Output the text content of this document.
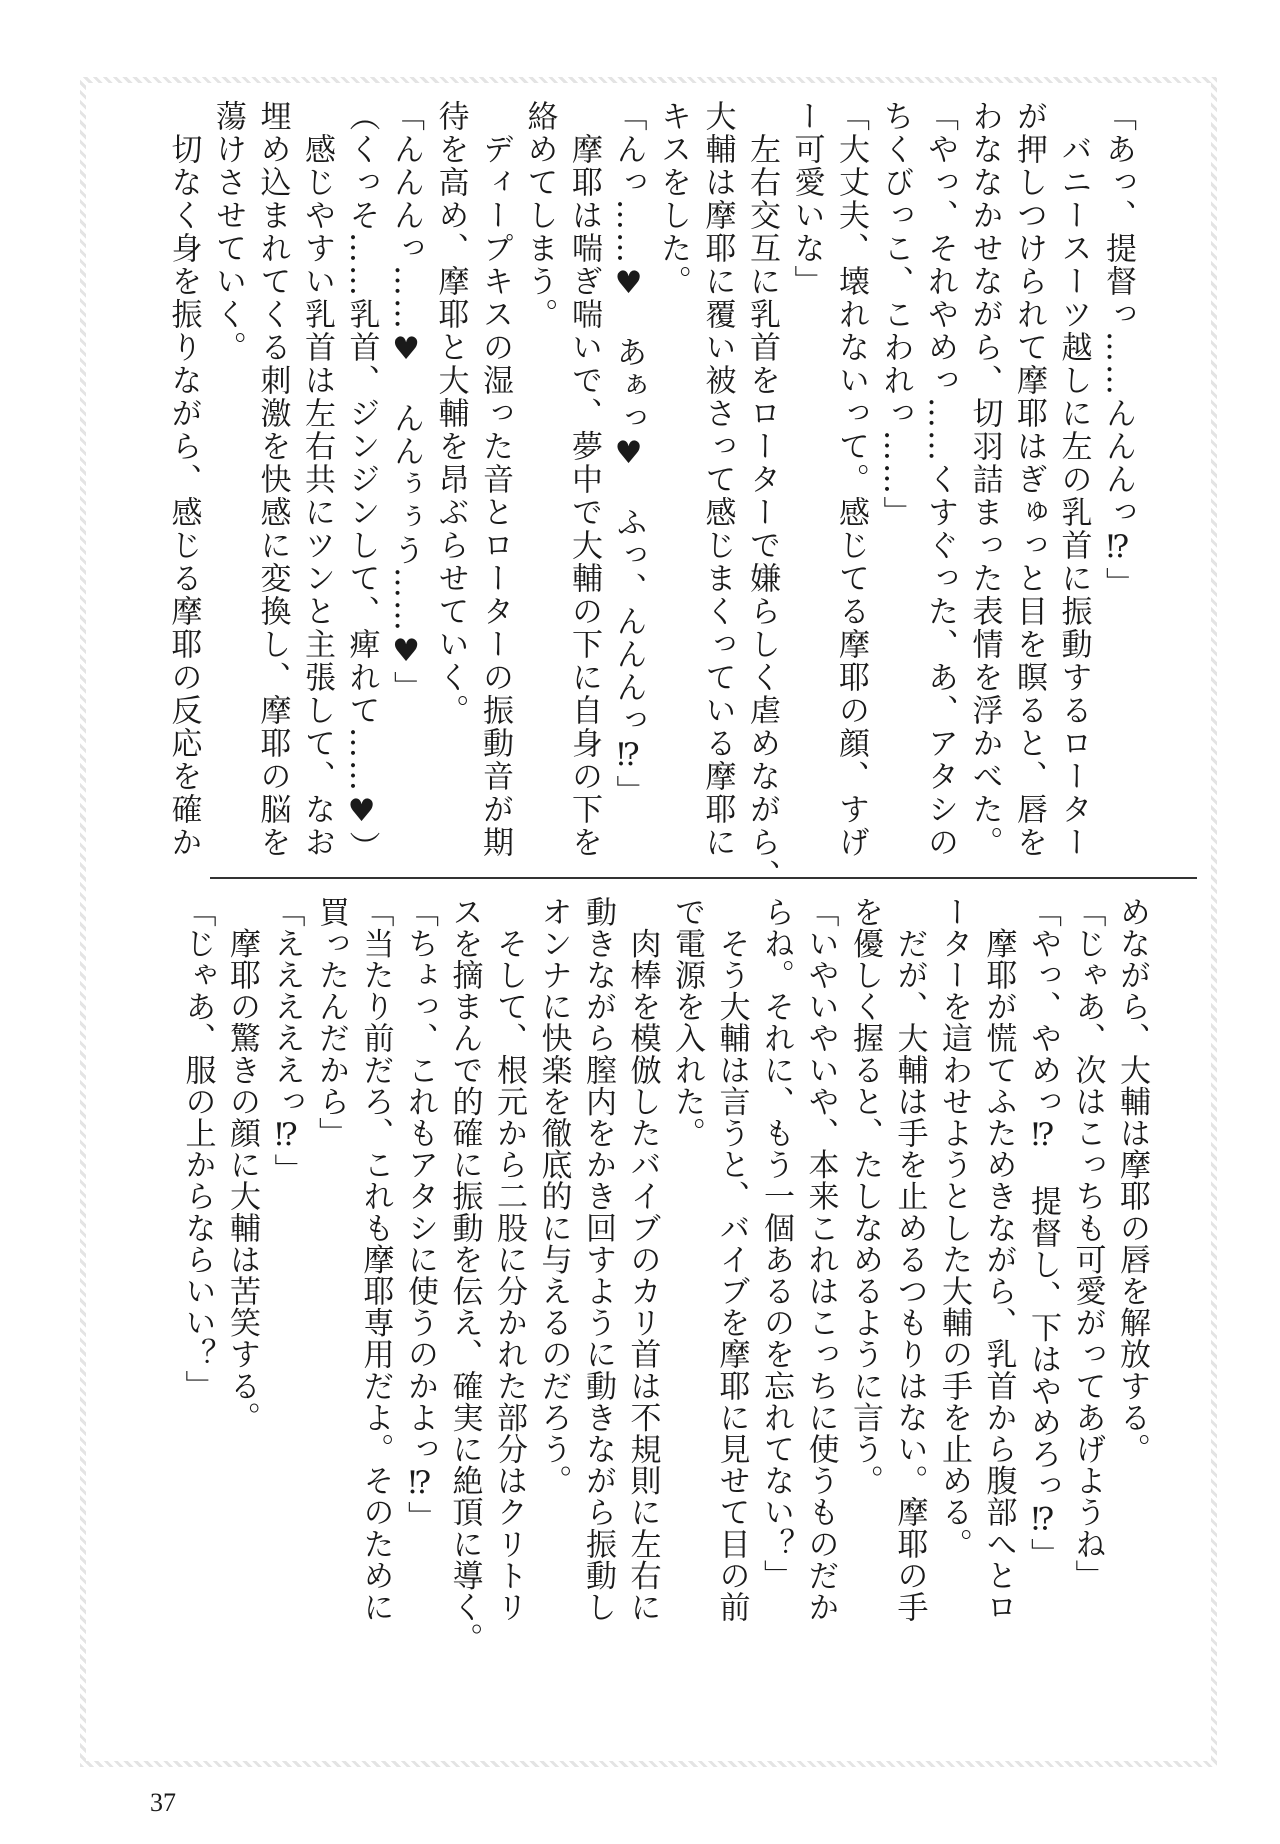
「あっ、提督っ……んんんっ⁉」
　バニースーツ越しに左の乳首に振動するローター
が押しつけられて摩耶はぎゅっと目を瞑ると、唇を
わななかせながら、切羽詰まった表情を浮かべた。
「やっ、それやめっ……くすぐった、あ、アタシの
ちくびっこ、こわれっ……」
「大丈夫、壊れないって。感じてる摩耶の顔、すげ
ー可愛いな」
　左右交互に乳首をローターで嫌らしく虐めながら、
大輔は摩耶に覆い被さって感じまくっている摩耶に
キスをした。
「んっ……♥　あぁっ♥　ふっ、んんんっ⁉」
　摩耶は喘ぎ喘いで、夢中で大輔の下に自身の下を
絡めてしまう。
　ディープキスの湿った音とローターの振動音が期
待を高め、摩耶と大輔を昂ぶらせていく。
「んんんっ……♥　んんぅぅう……♥」
（くっそ……乳首、ジンジンして、痺れて……♥）
　感じやすい乳首は左右共にツンと主張して、なお
埋め込まれてくる刺激を快感に変換し、摩耶の脳を
蕩けさせていく。
　切なく身を振りながら、感じる摩耶の反応を確か
めながら、大輔は摩耶の唇を解放する。
「じゃあ、次はこっちも可愛がってあげようね」
「やっ、やめっ⁉　提督し、下はやめろっ⁉」
　摩耶が慌てふためきながら、乳首から腹部へとロ
ーターを這わせようとした大輔の手を止める。
　だが、大輔は手を止めるつもりはない。摩耶の手
を優しく握ると、たしなめるように言う。
「いやいやいや、本来これはこっちに使うものだか
らね。それに、もう一個あるのを忘れてない？」
　そう大輔は言うと、バイブを摩耶に見せて目の前
で電源を入れた。
　肉棒を模倣したバイブのカリ首は不規則に左右に
動きながら膣内をかき回すように動きながら振動し
オンナに快楽を徹底的に与えるのだろう。
　そして、根元から二股に分かれた部分はクリトリ
スを摘まんで的確に振動を伝え、確実に絶頂に導く。
「ちょっ、これもアタシに使うのかよっ⁉」
「当たり前だろ、これも摩耶専用だよ。そのために
買ったんだから」
「えええええっ⁉」
　摩耶の驚きの顔に大輔は苦笑する。
「じゃあ、服の上からならいい？」
37
